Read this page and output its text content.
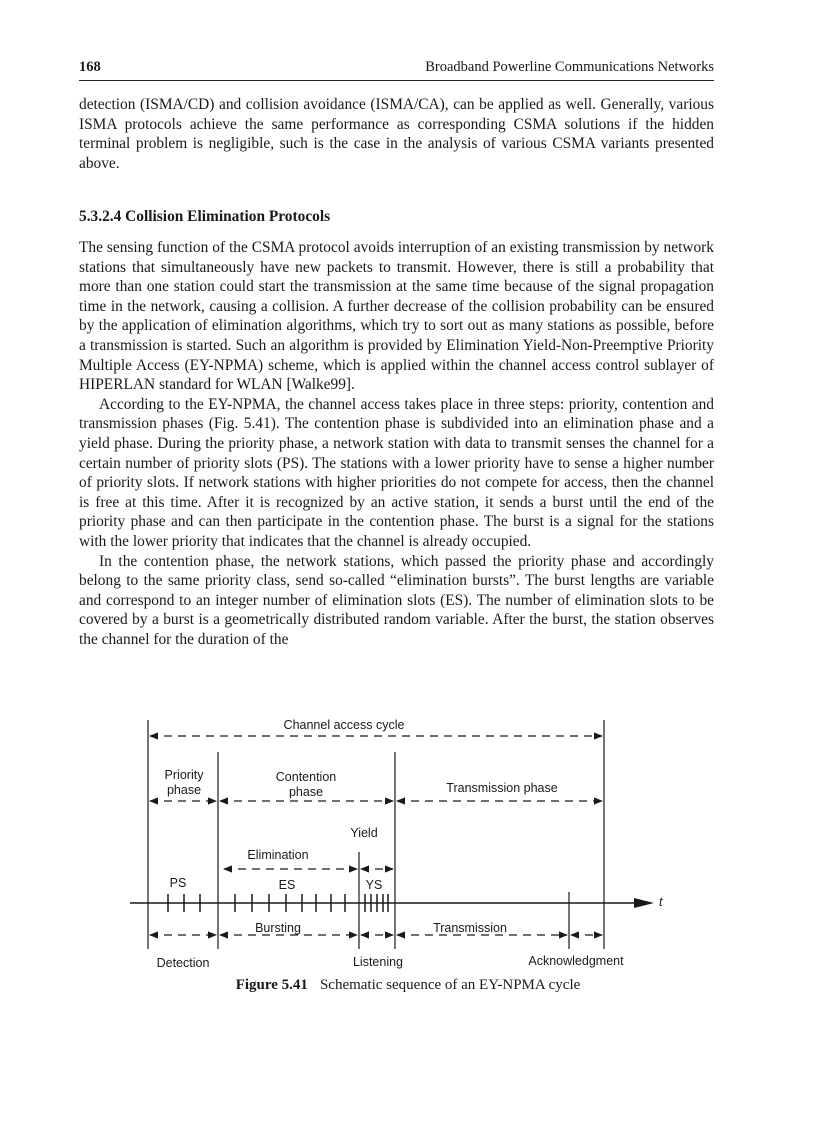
168	Broadband Powerline Communications Networks

detection (ISMA/CD) and collision avoidance (ISMA/CA), can be applied as well. Generally, various ISMA protocols achieve the same performance as corresponding CSMA solutions if the hidden terminal problem is negligible, such is the case in the analysis of various CSMA variants presented above.

5.3.2.4 Collision Elimination Protocols

The sensing function of the CSMA protocol avoids interruption of an existing transmission by network stations that simultaneously have new packets to transmit. However, there is still a probability that more than one station could start the transmission at the same time because of the signal propagation time in the network, causing a collision. A further decrease of the collision probability can be ensured by the application of elimination algorithms, which try to sort out as many stations as possible, before a transmission is started. Such an algorithm is provided by Elimination Yield-Non-Preemptive Priority Multiple Access (EY-NPMA) scheme, which is applied within the channel access control sublayer of HIPERLAN standard for WLAN [Walke99].

According to the EY-NPMA, the channel access takes place in three steps: priority, contention and transmission phases (Fig. 5.41). The contention phase is subdivided into an elimination phase and a yield phase. During the priority phase, a network station with data to transmit senses the channel for a certain number of priority slots (PS). The stations with a lower priority have to sense a higher number of priority slots. If network stations with higher priorities do not compete for access, then the channel is free at this time. After it is recognized by an active station, it sends a burst until the end of the priority phase and can then participate in the contention phase. The burst is a signal for the stations with the lower priority that indicates that the channel is already occupied.

In the contention phase, the network stations, which passed the priority phase and accordingly belong to the same priority class, send so-called “elimination bursts”. The burst lengths are variable and correspond to an integer number of elimination slots (ES). The number of elimination slots to be covered by a burst is a geometrically distributed random variable. After the burst, the station observes the channel for the duration of the

Channel access cycle
Priority
phase
Contention
phase	Transmission phase
Yield
Elimination
PS	ES	YS
t
Bursting	Transmission
Detection	Listening	Acknowledgment
Figure 5.41 Schematic sequence of an EY-NPMA cycle
